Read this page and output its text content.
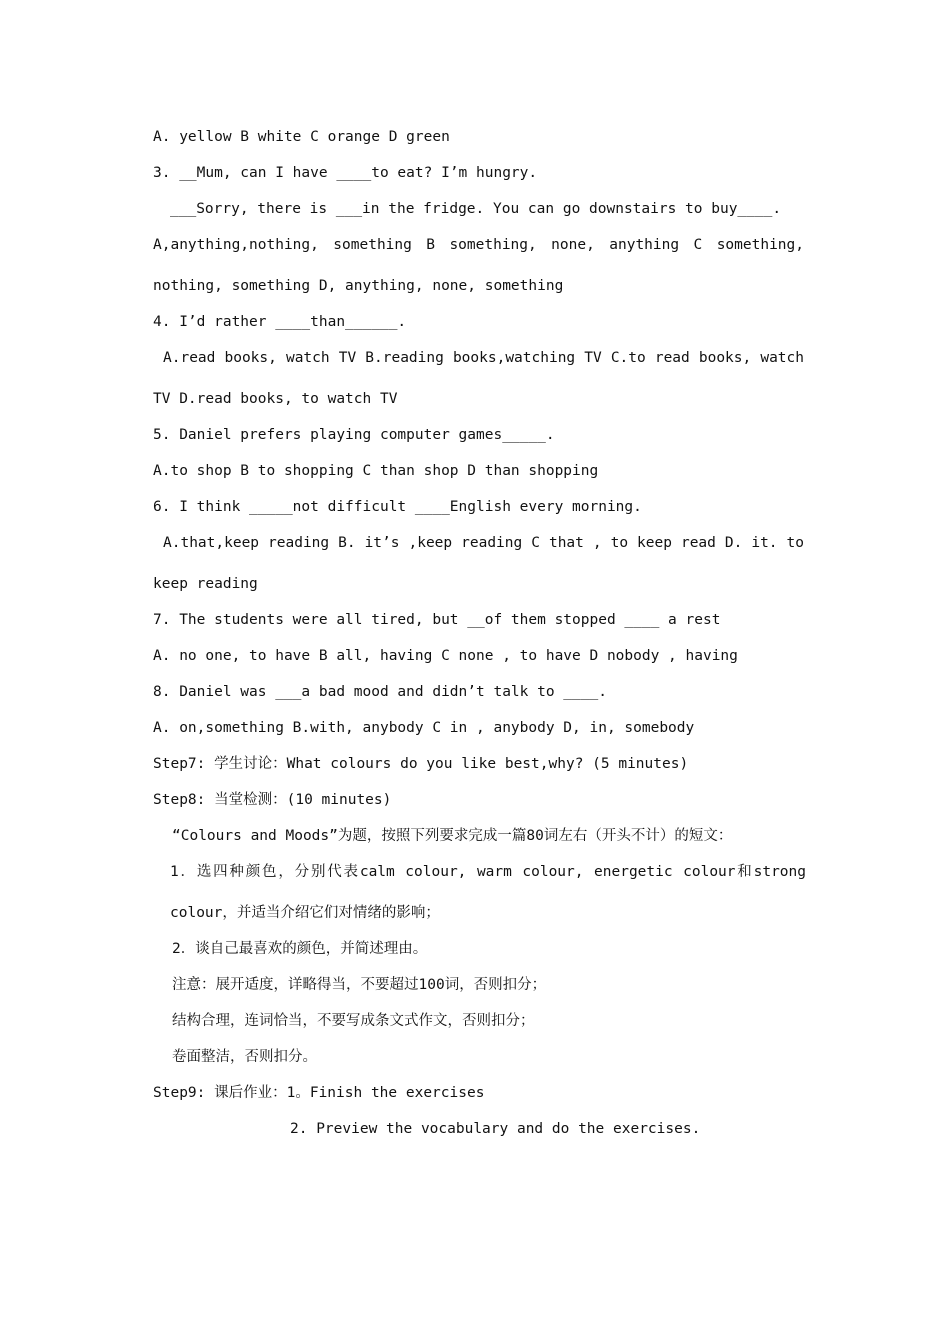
A. yellow B white C orange D green
3. __Mum, can I have ____to eat? I’m hungry.
___Sorry, there is ___in the fridge. You can go downstairs to buy____.
A,anything,nothing, something B something, none, anything C something,
nothing, something D, anything, none, something
4. I’d rather ____than______.
A.read books, watch TV B.reading books,watching TV C.to read books, watch
TV D.read books, to watch TV
5. Daniel prefers playing computer games_____.
A.to shop B to shopping C than shop D than shopping
6. I think _____not difficult ____English every morning.
A.that,keep reading B. it’s ,keep reading C that , to keep read D. it. to
keep reading
7. The students were all tired, but __of them stopped ____ a rest
A. no one, to have B all, having C none , to have D nobody , having
8. Daniel was ___a bad mood and didn’t talk to ____.
A. on,something B.with, anybody C in , anybody D, in, somebody
Step7: 学生讨论：What colours do you like best,why? (5 minutes)
Step8: 当堂检测：(10 minutes)
“Colours and Moods”为题，按照下列要求完成一篇80词左右（开头不计）的短文：
1．选四种颜色，分别代表calm colour, warm colour, energetic colour和strong
colour，并适当介绍它们对情绪的影响；
2．谈自己最喜欢的颜色，并简述理由。
注意：展开适度，详略得当，不要超过100词，否则扣分；
结构合理，连词恰当，不要写成条文式作文，否则扣分；
卷面整洁，否则扣分。
Step9: 课后作业：1。Finish the exercises
2. Preview the vocabulary and do the exercises.
